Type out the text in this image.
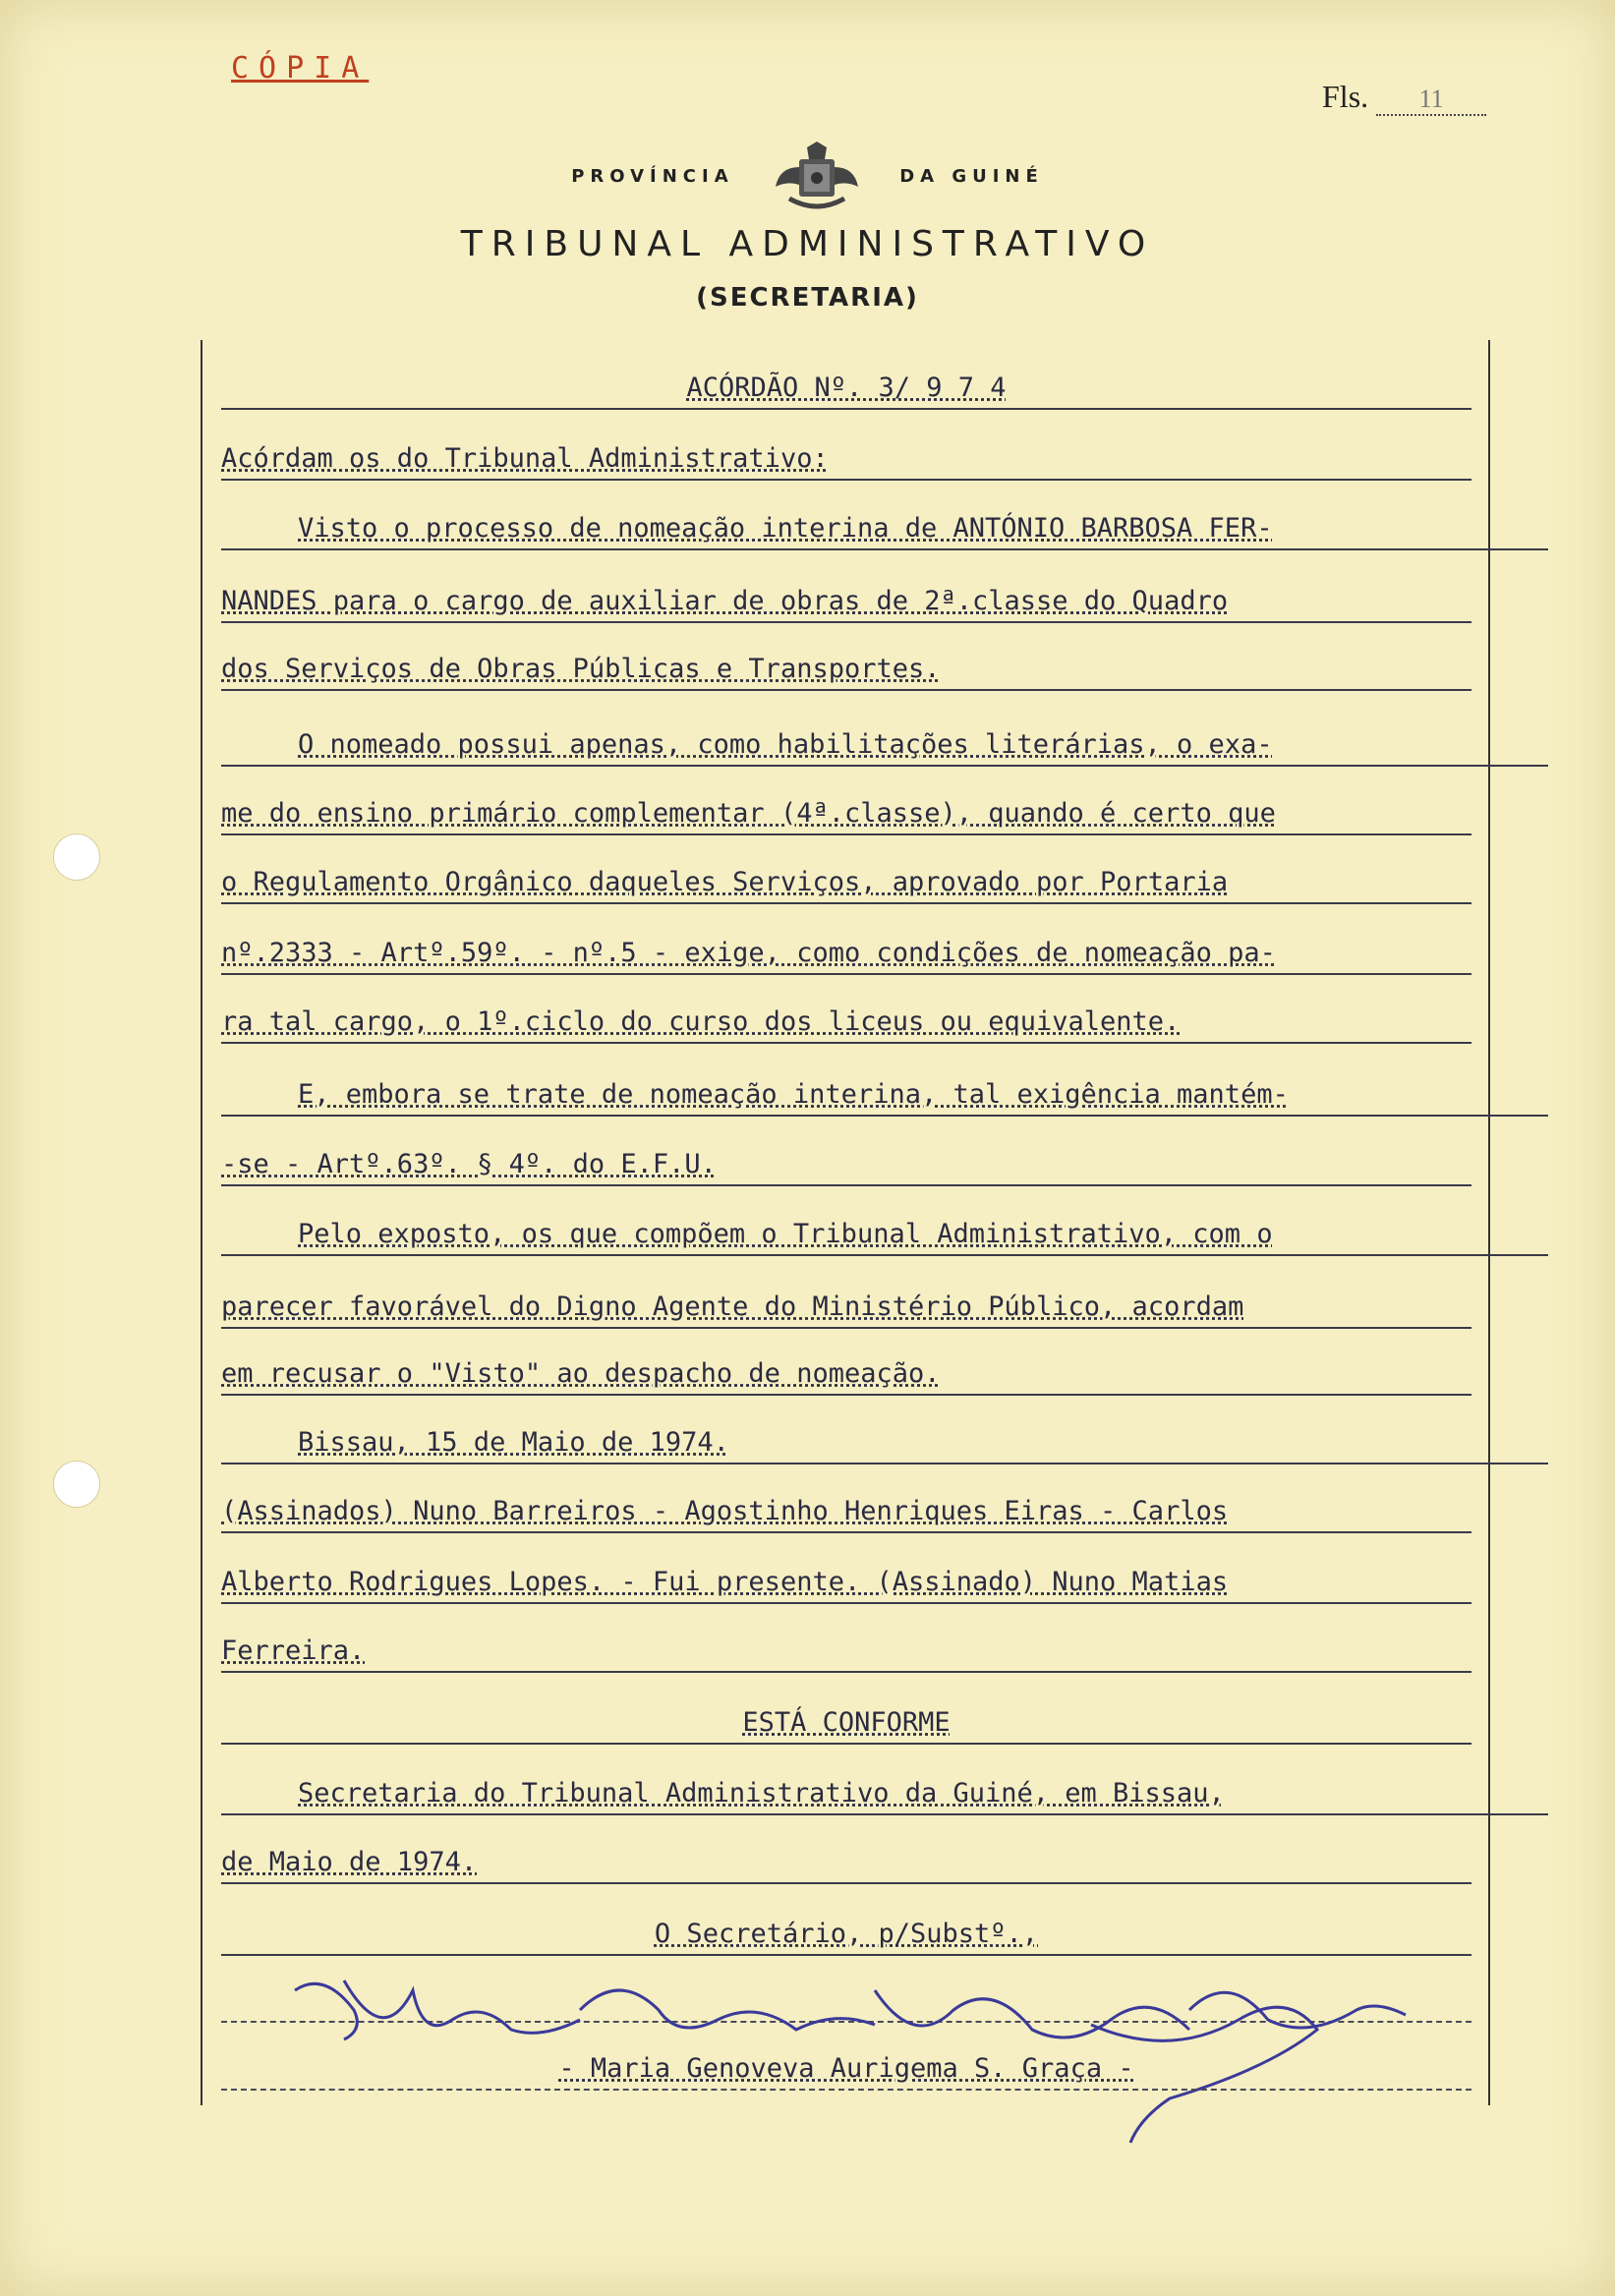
CÓPIA
Fls. 11
PROVÍNCIA	DA GUINÉ
TRIBUNAL ADMINISTRATIVO
(SECRETARIA)
ACÓRDÃO Nº. 3/ 9 7 4
Acórdam os do Tribunal Administrativo:
Visto o processo de nomeação interina de ANTÓNIO BARBOSA FER-
NANDES para o cargo de auxiliar de obras de 2ª.classe do Quadro
dos Serviços de Obras Públicas e Transportes.
O nomeado possui apenas, como habilitações literárias, o exa-
me do ensino primário complementar (4ª.classe), quando é certo que
o Regulamento Orgânico daqueles Serviços, aprovado por Portaria
nº.2333 - Artº.59º. - nº.5 - exige, como condições de nomeação pa-
ra tal cargo, o 1º.ciclo do curso dos liceus ou equivalente.
E, embora se trate de nomeação interina, tal exigência mantém-
-se - Artº.63º. § 4º. do E.F.U.
Pelo exposto, os que compõem o Tribunal Administrativo, com o
parecer favorável do Digno Agente do Ministério Público, acordam
em recusar o "Visto" ao despacho de nomeação.
Bissau, 15 de Maio de 1974.
(Assinados) Nuno Barreiros - Agostinho Henriques Eiras - Carlos
Alberto Rodrigues Lopes. - Fui presente. (Assinado) Nuno Matias
Ferreira.
ESTÁ CONFORME
Secretaria do Tribunal Administrativo da Guiné, em Bissau,
de Maio de 1974.
O Secretário, p/Substº.,
- Maria Genoveva Aurigema S. Graça -
